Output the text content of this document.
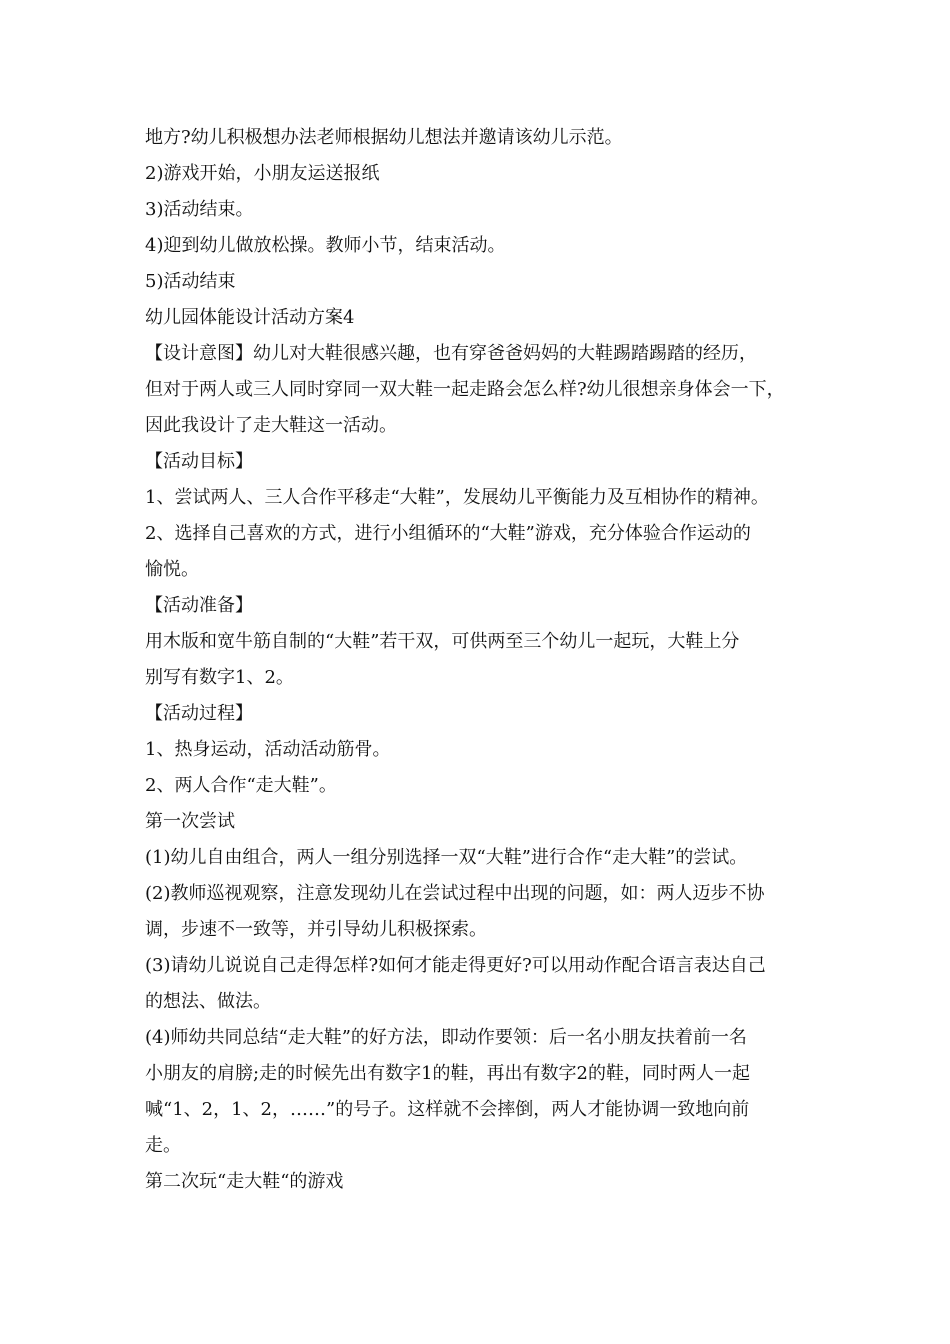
地方?幼儿积极想办法老师根据幼儿想法并邀请该幼儿示范。
2)游戏开始，小朋友运送报纸
3)活动结束。
4)迎到幼儿做放松操。教师小节，结束活动。
5)活动结束
幼儿园体能设计活动方案4
【设计意图】幼儿对大鞋很感兴趣，也有穿爸爸妈妈的大鞋踢踏踢踏的经历，
但对于两人或三人同时穿同一双大鞋一起走路会怎么样?幼儿很想亲身体会一下，
因此我设计了走大鞋这一活动。
【活动目标】
1、尝试两人、三人合作平移走“大鞋”，发展幼儿平衡能力及互相协作的精神。
2、选择自己喜欢的方式，进行小组循环的“大鞋”游戏，充分体验合作运动的
愉悦。
【活动准备】
用木版和宽牛筋自制的“大鞋”若干双，可供两至三个幼儿一起玩，大鞋上分
别写有数字1、2。
【活动过程】
1、热身运动，活动活动筋骨。
2、两人合作“走大鞋”。
第一次尝试
(1)幼儿自由组合，两人一组分别选择一双“大鞋”进行合作“走大鞋”的尝试。
(2)教师巡视观察，注意发现幼儿在尝试过程中出现的问题，如：两人迈步不协
调，步速不一致等，并引导幼儿积极探索。
(3)请幼儿说说自己走得怎样?如何才能走得更好?可以用动作配合语言表达自己
的想法、做法。
(4)师幼共同总结“走大鞋”的好方法，即动作要领：后一名小朋友扶着前一名
小朋友的肩膀;走的时候先出有数字1的鞋，再出有数字2的鞋，同时两人一起
喊“1、2，1、2，……”的号子。这样就不会摔倒，两人才能协调一致地向前
走。
第二次玩“走大鞋“的游戏
